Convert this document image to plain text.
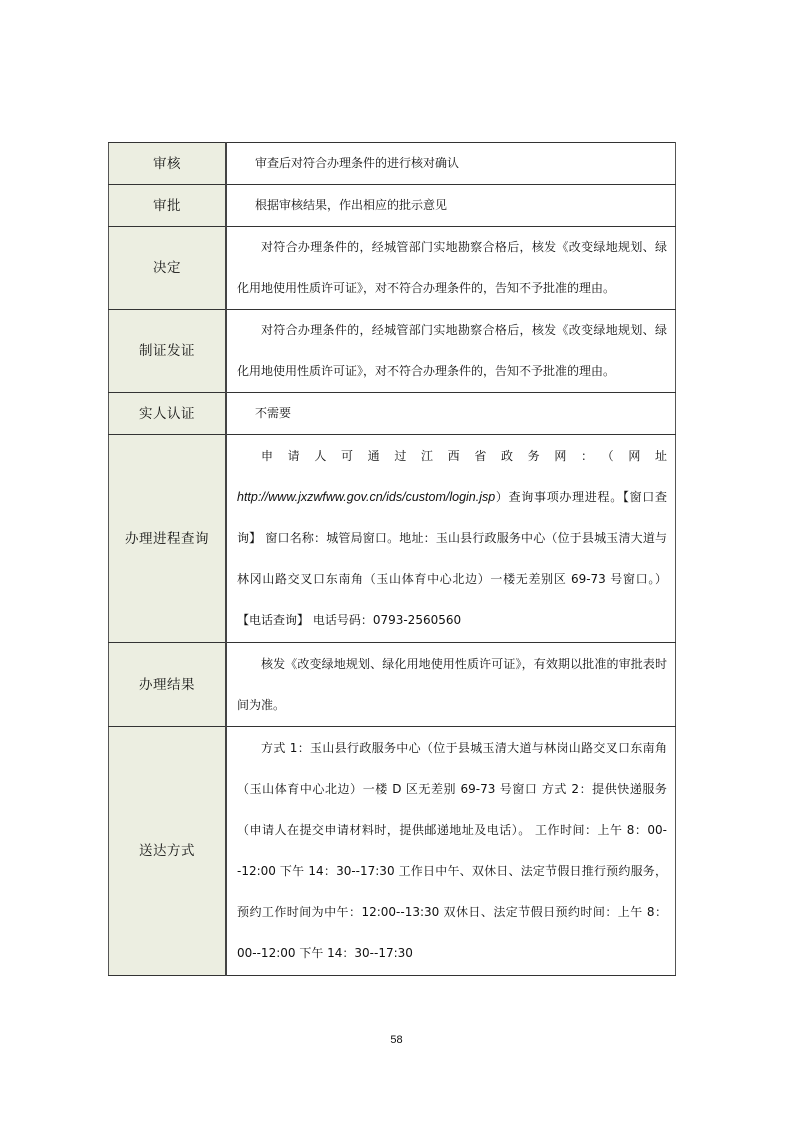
审核	审查后对符合办理条件的进行核对确认

审批	根据审核结果，作出相应的批示意见

决定	对符合办理条件的，经城管部门实地勘察合格后，核发《改变绿地规划、绿化用地使用性质许可证》，对不符合办理条件的，告知不予批准的理由。

制证发证	对符合办理条件的，经城管部门实地勘察合格后，核发《改变绿地规划、绿化用地使用性质许可证》，对不符合办理条件的，告知不予批准的理由。

实人认证	不需要

办理进程查询	申请人可通过江西省政务网：（网址http://www.jxzwfww.gov.cn/ids/custom/login.jsp）查询事项办理进程。【窗口查询】 窗口名称：城管局窗口。地址：玉山县行政服务中心（位于县城玉清大道与林冈山路交叉口东南角（玉山体育中心北边）一楼无差别区 69-73 号窗口。） 【电话查询】 电话号码：0793-2560560

办理结果	核发《改变绿地规划、绿化用地使用性质许可证》，有效期以批准的审批表时间为准。

送达方式	方式 1：玉山县行政服务中心（位于县城玉清大道与林岗山路交叉口东南角（玉山体育中心北边）一楼 D 区无差别 69-73 号窗口 方式 2：提供快递服务（申请人在提交申请材料时，提供邮递地址及电话）。 工作时间：上午 8：00--12:00 下午 14：30--17:30 工作日中午、双休日、法定节假日推行预约服务，预约工作时间为中午：12:00--13:30 双休日、法定节假日预约时间：上午 8：00--12:00 下午 14：30--17:30
58
